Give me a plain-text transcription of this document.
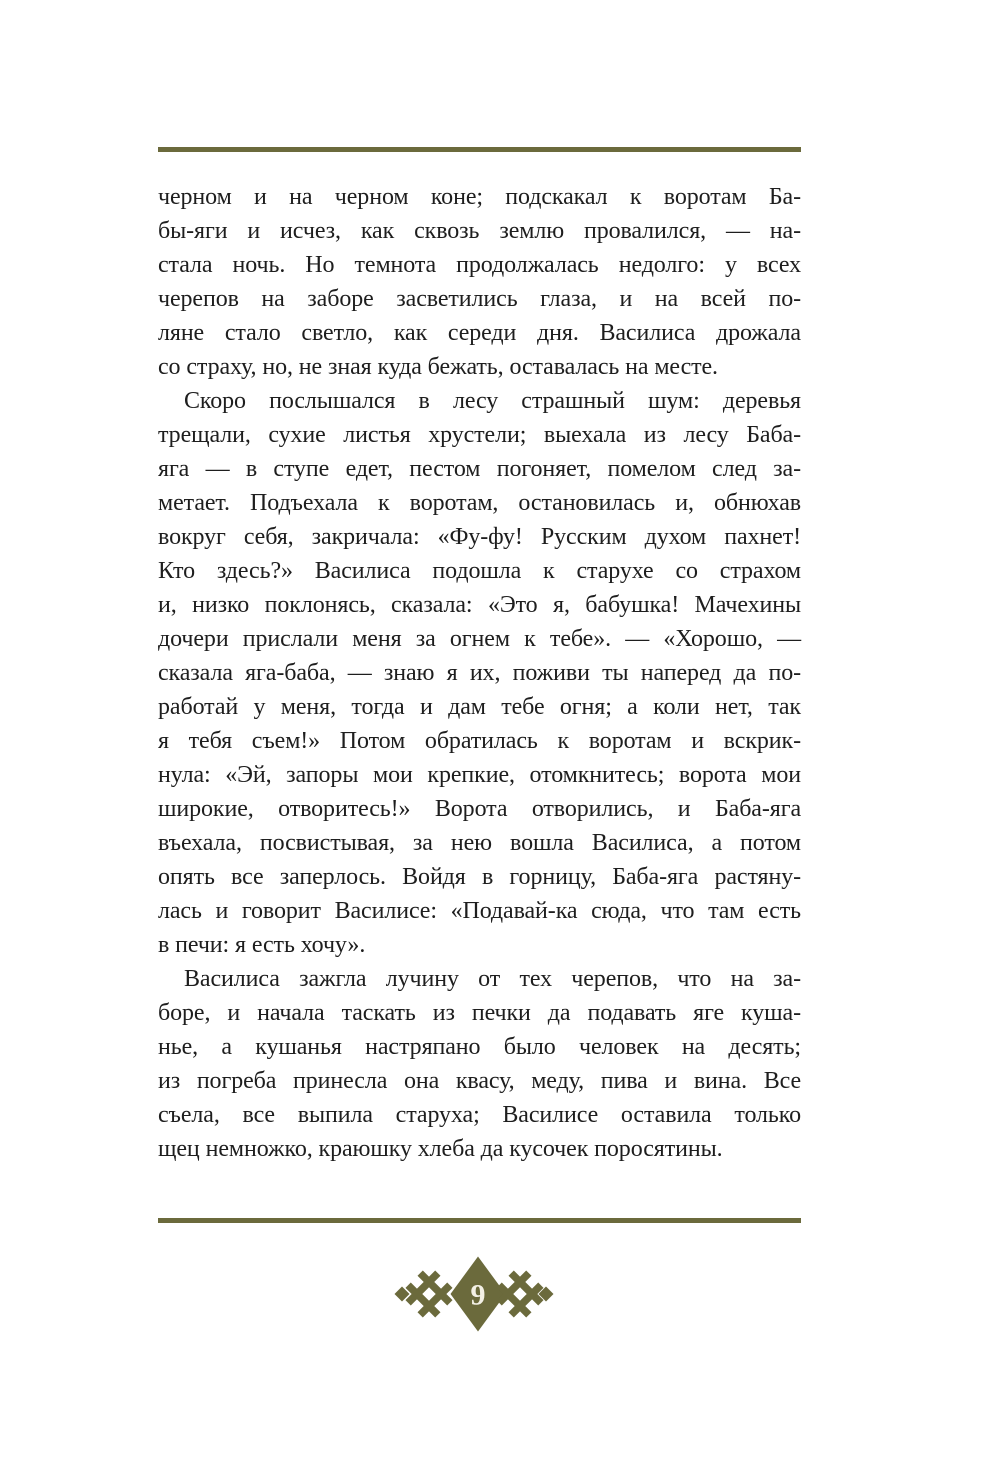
черном и на черном коне; подскакал к воротам Ба-
бы-яги и исчез, как сквозь землю провалился, — на-
стала ночь. Но темнота продолжалась недолго: у всех
черепов на заборе засветились глаза, и на всей по-
ляне стало светло, как середи дня. Василиса дрожала
со страху, но, не зная куда бежать, оставалась на месте.
Скоро послышался в лесу страшный шум: деревья
трещали, сухие листья хрустели; выехала из лесу Баба-
яга — в ступе едет, пестом погоняет, помелом след за-
метает. Подъехала к воротам, остановилась и, обнюхав
вокруг себя, закричала: «Фу-фу! Русским духом пахнет!
Кто здесь?» Василиса подошла к старухе со страхом
и, низко поклонясь, сказала: «Это я, бабушка! Мачехины
дочери прислали меня за огнем к тебе». — «Хорошо, —
сказала яга-баба, — знаю я их, поживи ты наперед да по-
работай у меня, тогда и дам тебе огня; а коли нет, так
я тебя съем!» Потом обратилась к воротам и вскрик-
нула: «Эй, запоры мои крепкие, отомкнитесь; ворота мои
широкие, отворитесь!» Ворота отворились, и Баба-яга
въехала, посвистывая, за нею вошла Василиса, а потом
опять все заперлось. Войдя в горницу, Баба-яга растяну-
лась и говорит Василисе: «Подавай-ка сюда, что там есть
в печи: я есть хочу».
Василиса зажгла лучину от тех черепов, что на за-
боре, и начала таскать из печки да подавать яге куша-
нье, а кушанья настряпано было человек на десять;
из погреба принесла она квасу, меду, пива и вина. Все
съела, все выпила старуха; Василисе оставила только
щец немножко, краюшку хлеба да кусочек поросятины.
9
